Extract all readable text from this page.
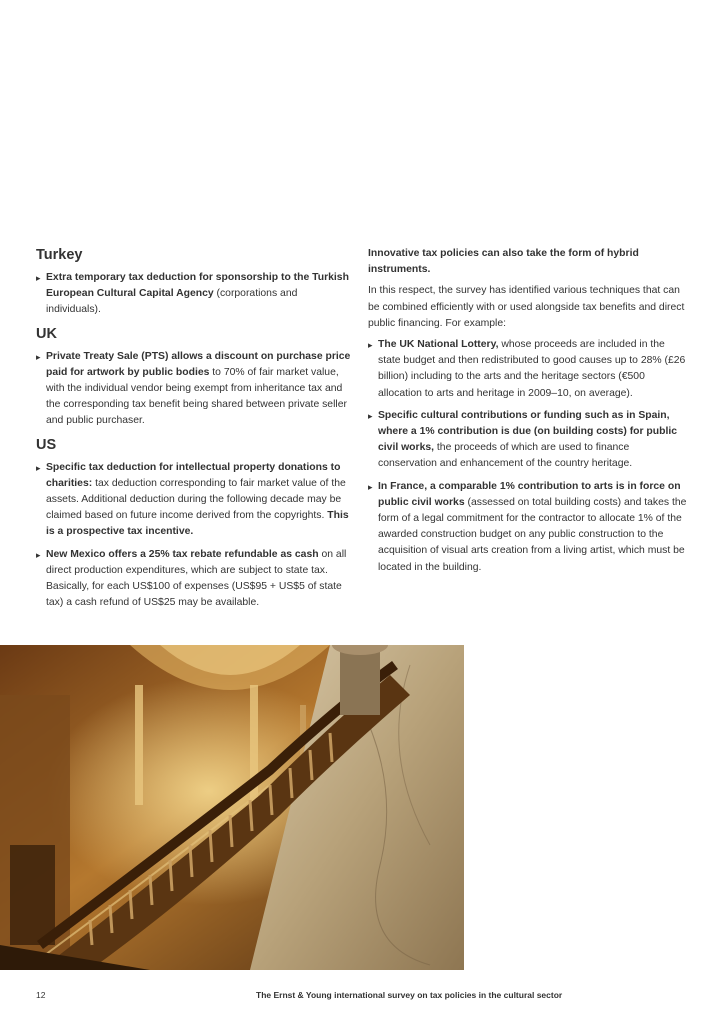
Turkey
▸ Extra temporary tax deduction for sponsorship to the Turkish European Cultural Capital Agency (corporations and individuals).
UK
▸ Private Treaty Sale (PTS) allows a discount on purchase price paid for artwork by public bodies to 70% of fair market value, with the individual vendor being exempt from inheritance tax and the corresponding tax benefit being shared between private seller and public purchaser.
US
▸ Specific tax deduction for intellectual property donations to charities: tax deduction corresponding to fair market value of the assets. Additional deduction during the following decade may be claimed based on future income derived from the copyrights. This is a prospective tax incentive.
▸ New Mexico offers a 25% tax rebate refundable as cash on all direct production expenditures, which are subject to state tax. Basically, for each US$100 of expenses (US$95 + US$5 of state tax) a cash refund of US$25 may be available.

Innovative tax policies can also take the form of hybrid instruments.

In this respect, the survey has identified various techniques that can be combined efficiently with or used alongside tax benefits and direct public financing. For example:

▸ The UK National Lottery, whose proceeds are included in the state budget and then redistributed to good causes up to 28% (£26 billion) including to the arts and the heritage sectors (€500 allocation to arts and heritage in 2009–10, on average).
▸ Specific cultural contributions or funding such as in Spain, where a 1% contribution is due (on building costs) for public civil works, the proceeds of which are used to finance conservation and enhancement of the country heritage.
▸ In France, a comparable 1% contribution to arts is in force on public civil works (assessed on total building costs) and takes the form of a legal commitment for the contractor to allocate 1% of the awarded construction budget on any public construction to the acquisition of visual arts creation from a living artist, which must be located in the building.
12	The Ernst & Young international survey on tax policies in the cultural sector
